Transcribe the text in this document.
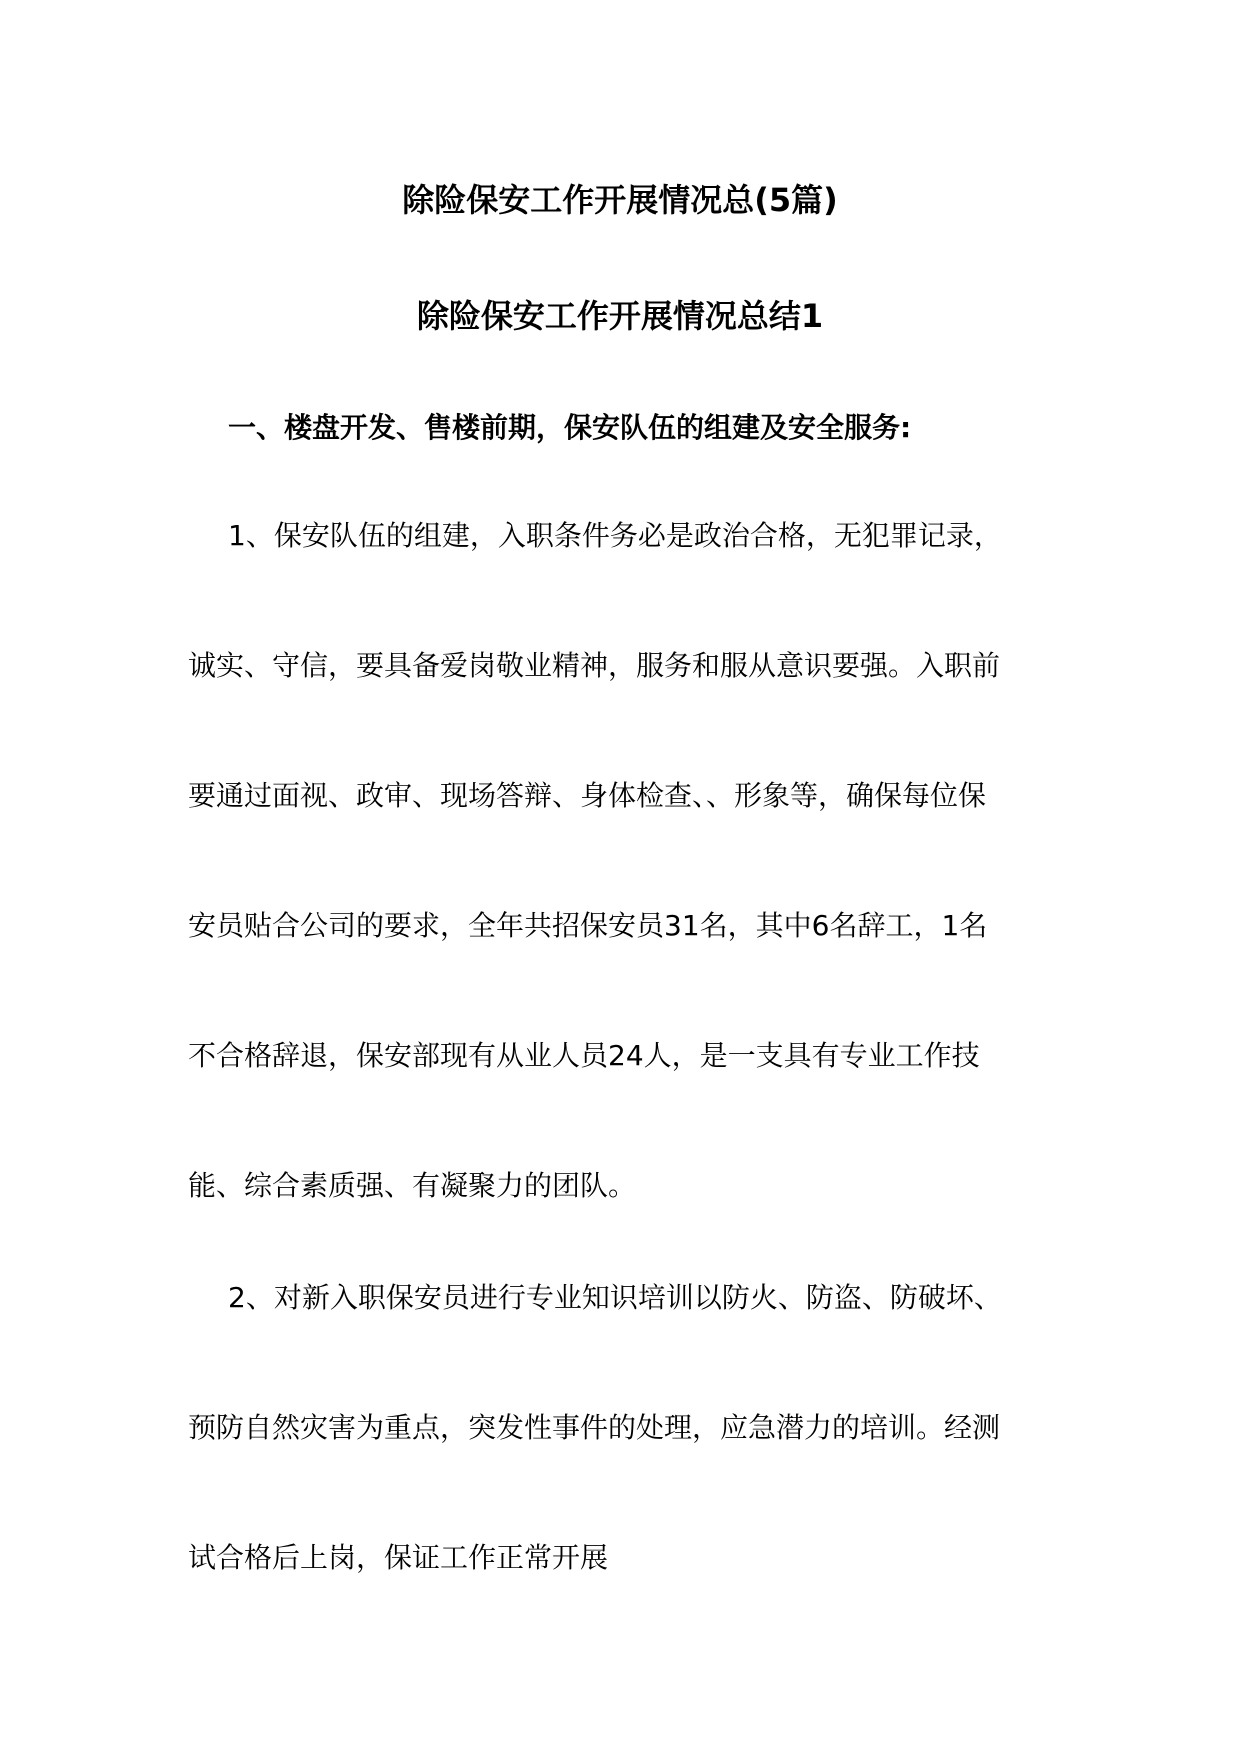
除险保安工作开展情况总(5篇)
除险保安工作开展情况总结1
一、楼盘开发、售楼前期，保安队伍的组建及安全服务:
1、保安队伍的组建，入职条件务必是政治合格，无犯罪记录，
诚实、守信，要具备爱岗敬业精神，服务和服从意识要强。入职前
要通过面视、政审、现场答辩、身体检查、、形象等，确保每位保
安员贴合公司的要求，全年共招保安员31名，其中6名辞工，1名
不合格辞退，保安部现有从业人员24人，是一支具有专业工作技
能、综合素质强、有凝聚力的团队。
2、对新入职保安员进行专业知识培训以防火、防盗、防破坏、
预防自然灾害为重点，突发性事件的处理，应急潜力的培训。经测
试合格后上岗，保证工作正常开展
